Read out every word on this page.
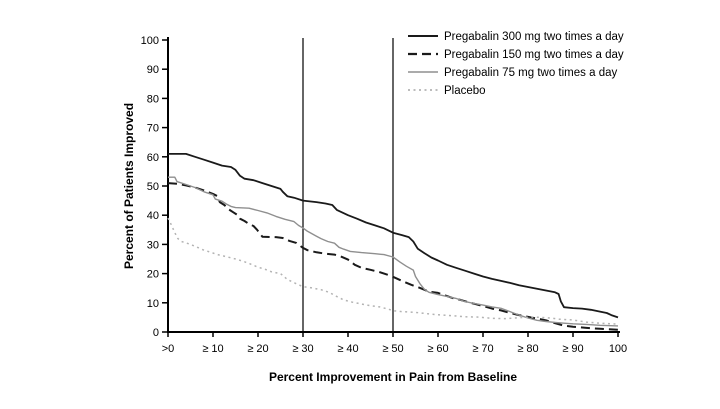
0
10
20
30
40
50
60
70
80
90
100
>0	≥ 10 ≥ 20 ≥ 30 ≥ 40 ≥ 50 ≥ 60 ≥ 70 ≥ 80 ≥ 90 100
Pregabalin 300 mg two times a day
Pregabalin 150 mg two times a day
Pregabalin 75 mg two times a day
Placebo
Percent of Patients Improved
Percent Improvement in Pain from Baseline
